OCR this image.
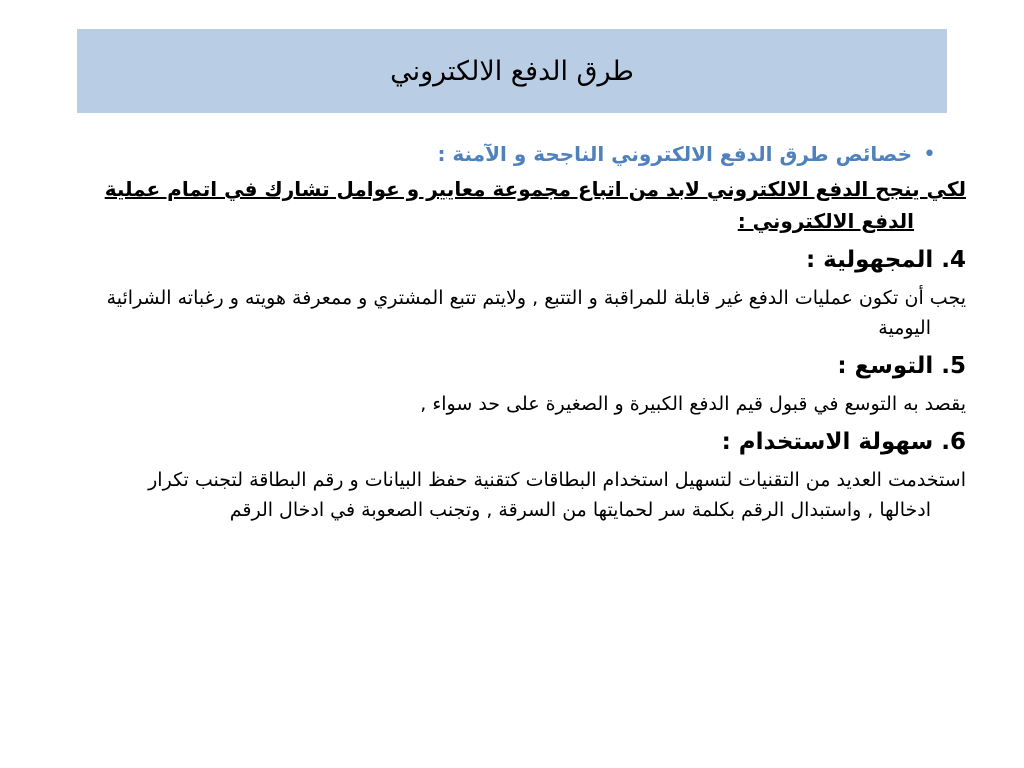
طرق الدفع الالكتروني
•
خصائص طرق الدفع الالكتروني الناجحة و الآمنة :
لكي ينجح الدفع الالكتروني لابد من اتباع مجموعة معايير و عوامل تشارك في اتمام عملية الدفع الالكتروني :
4. المجهولية :
يجب أن تكون عمليات الدفع غير قابلة للمراقبة و التتبع , ولايتم تتبع المشتري و ممعرفة هويته و رغباته الشرائية اليومية
5. التوسع :
يقصد به التوسع في قبول قيم الدفع الكبيرة و الصغيرة على حد سواء ,
6. سهولة الاستخدام :
استخدمت العديد من التقنيات لتسهيل استخدام البطاقات كتقنية حفظ البيانات و رقم البطاقة لتجنب تكرار ادخالها , واستبدال الرقم بكلمة سر لحمايتها من السرقة , وتجنب الصعوبة في ادخال الرقم
